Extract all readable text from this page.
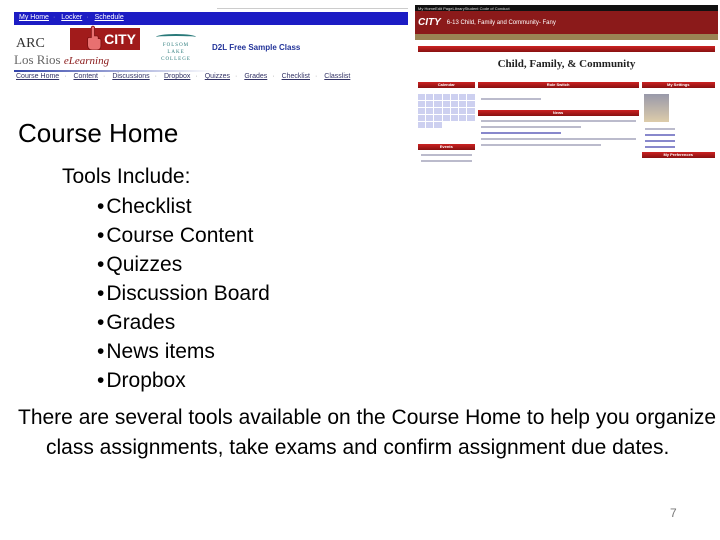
My Home · Locker · Schedule
ARC	CITY
Los Rios eLearning
FOLSOM LAKE COLLEGE
D2L Free Sample Class
Course Home · Content · Discussions · Dropbox · Quizzes · Grades · Checklist · Classlist
My Home Edit Page Library Student Code of Conduct
CITY 6-13 Child, Family and Community- Fany
Child, Family, & Community
Calendar
Events
Role Switch
News
My Settings
My Preferences
Course Home
Tools Include:
• Checklist
• Course Content
• Quizzes
• Discussion Board
• Grades
• News items
• Dropbox
There are several tools available on the Course Home to help you organize class assignments, take exams and confirm assignment due dates.
7
